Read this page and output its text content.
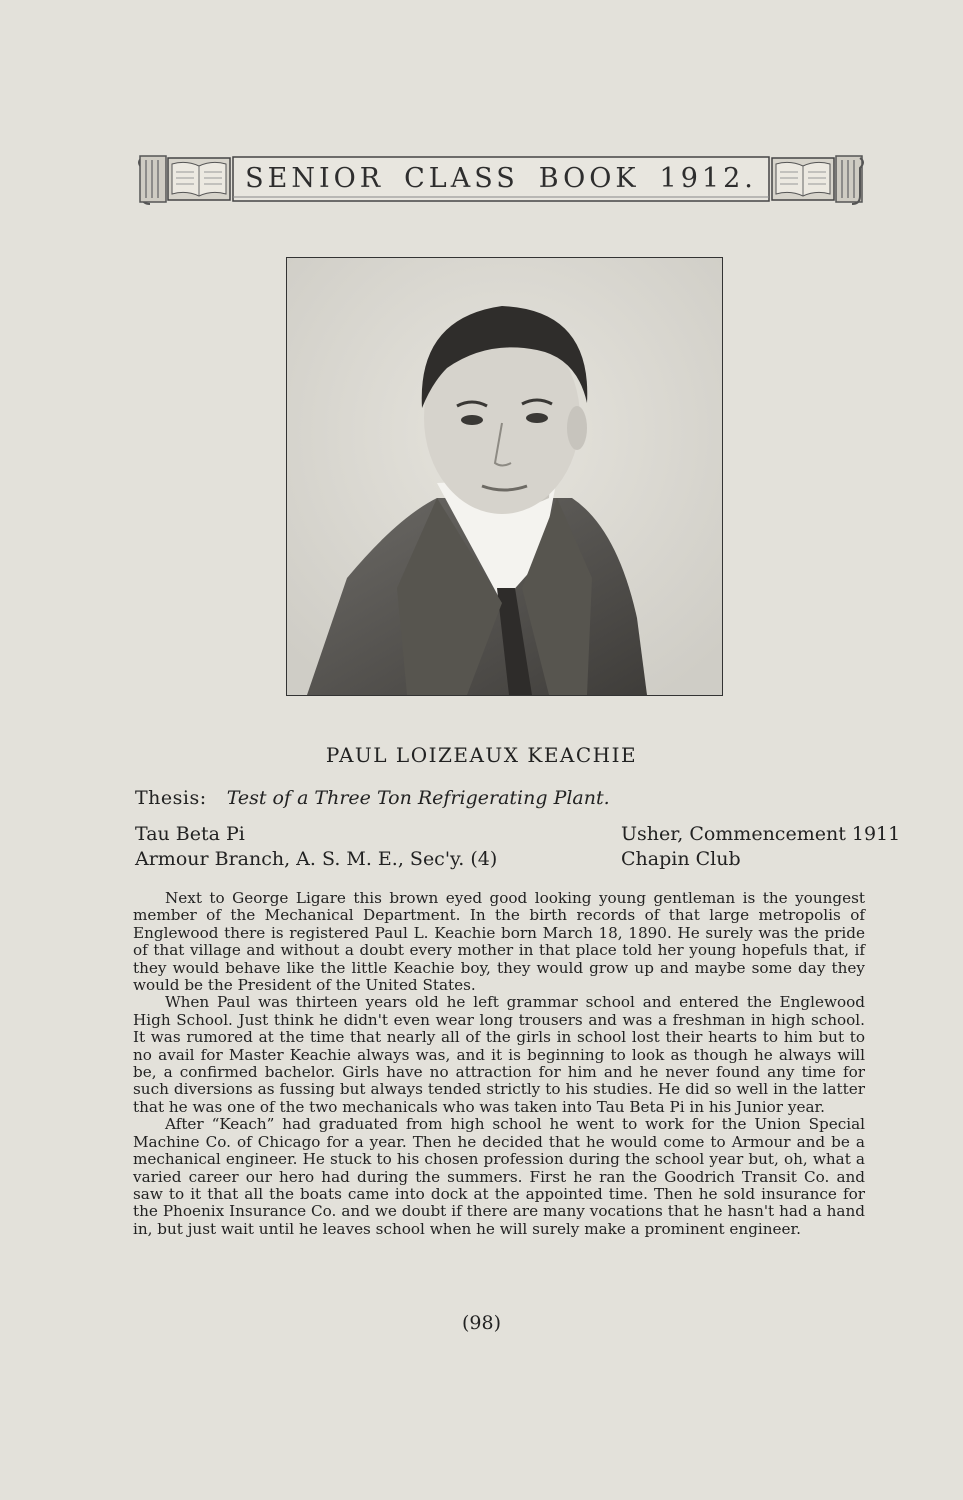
SENIOR CLASS BOOK 1912.
PAUL LOIZEAUX KEACHIE
Thesis: Test of a Three Ton Refrigerating Plant.
Tau Beta Pi
Armour Branch, A. S. M. E., Sec'y. (4)
Usher, Commencement 1911
Chapin Club

Next to George Ligare this brown eyed good looking young gentleman is the youngest member of the Mechanical Department. In the birth records of that large metropolis of Englewood there is registered Paul L. Keachie born March 18, 1890. He surely was the pride of that village and without a doubt every mother in that place told her young hopefuls that, if they would behave like the little Keachie boy, they would grow up and maybe some day they would be the President of the United States.

When Paul was thirteen years old he left grammar school and entered the Englewood High School. Just think he didn't even wear long trousers and was a freshman in high school. It was rumored at the time that nearly all of the girls in school lost their hearts to him but to no avail for Master Keachie always was, and it is beginning to look as though he always will be, a confirmed bachelor. Girls have no attraction for him and he never found any time for such diversions as fussing but always tended strictly to his studies. He did so well in the latter that he was one of the two mechanicals who was taken into Tau Beta Pi in his Junior year.

After “Keach” had graduated from high school he went to work for the Union Special Machine Co. of Chicago for a year. Then he decided that he would come to Armour and be a mechanical engineer. He stuck to his chosen profession during the school year but, oh, what a varied career our hero had during the summers. First he ran the Goodrich Transit Co. and saw to it that all the boats came into dock at the appointed time. Then he sold insurance for the Phoenix Insurance Co. and we doubt if there are many vocations that he hasn't had a hand in, but just wait until he leaves school when he will surely make a prominent engineer.

(98)
